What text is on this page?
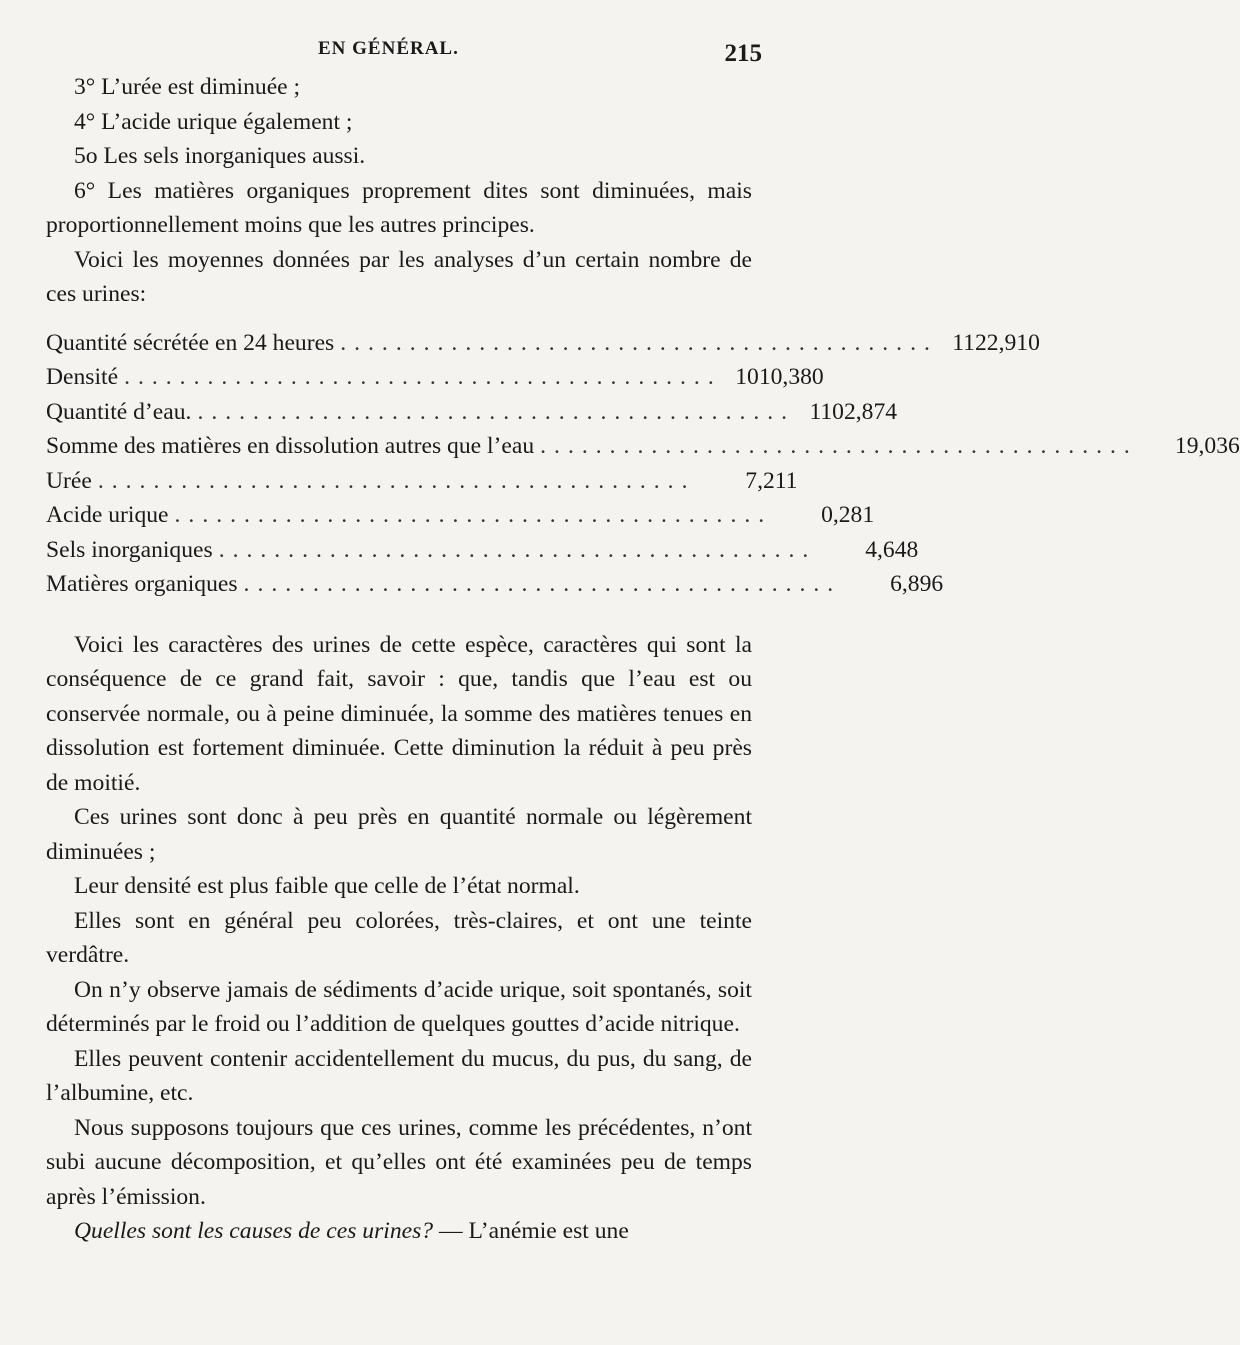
EN GÉNÉRAL.	215

3° L’urée est diminuée ;

4° L’acide urique également ;

5o Les sels inorganiques aussi.

6° Les matières organiques proprement dites sont diminuées, mais proportionnellement moins que les autres principes.

Voici les moyennes données par les analyses d’un certain nombre de ces urines:

Quantité sécrétée en 24 heures ........................................... 1122,910
Densité ........................................... 1010,380
Quantité d’eau. ........................................... 1102,874
Somme des matières en dissolution autres que l’eau ...........................................	19,036
Urée ...........................................	7,211
Acide urique ...........................................	0,281
Sels inorganiques ...........................................	4,648
Matières organiques ...........................................	6,896

Voici les caractères des urines de cette espèce, caractères qui sont la conséquence de ce grand fait, savoir : que, tandis que l’eau est ou conservée normale, ou à peine diminuée, la somme des matières tenues en dissolution est fortement diminuée. Cette diminution la réduit à peu près de moitié.

Ces urines sont donc à peu près en quantité normale ou légèrement diminuées ;

Leur densité est plus faible que celle de l’état normal.

Elles sont en général peu colorées, très-claires, et ont une teinte verdâtre.

On n’y observe jamais de sédiments d’acide urique, soit spontanés, soit déterminés par le froid ou l’addition de quelques gouttes d’acide nitrique.

Elles peuvent contenir accidentellement du mucus, du pus, du sang, de l’albumine, etc.

Nous supposons toujours que ces urines, comme les précédentes, n’ont subi aucune décomposition, et qu’elles ont été examinées peu de temps après l’émission.

Quelles sont les causes de ces urines? — L’anémie est une
